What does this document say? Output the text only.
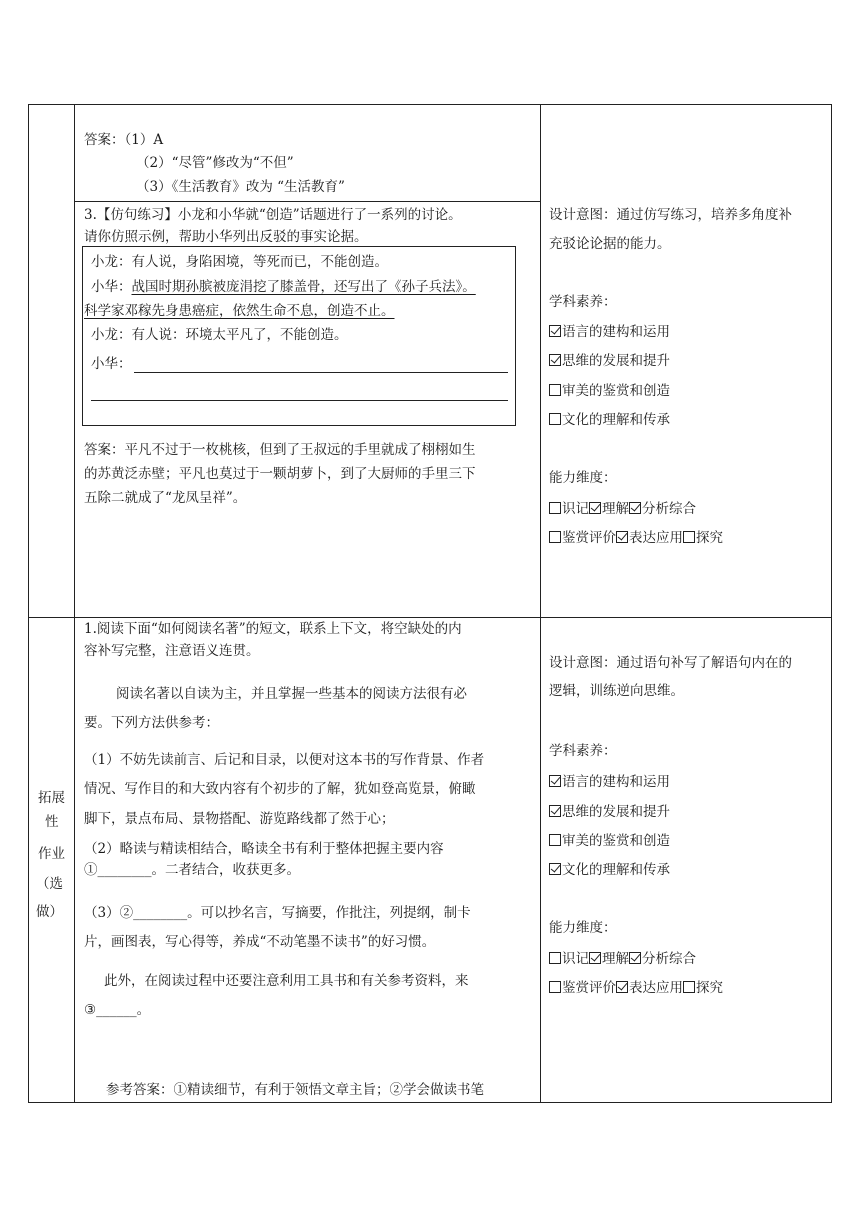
答案：（1）A
（2）“尽管”修改为“不但”
（3）《生活教育》改为 “生活教育”
3.【仿句练习】小龙和小华就“创造”话题进行了一系列的讨论。
请你仿照示例，帮助小华列出反驳的事实论据。
小龙：有人说，身陷困境，等死而已，不能创造。
小华：战国时期孙膑被庞涓挖了膝盖骨，还写出了《孙子兵法》。
科学家邓稼先身患癌症，依然生命不息，创造不止。
小龙：有人说：环境太平凡了，不能创造。
小华：
答案：平凡不过于一枚桃核，但到了王叔远的手里就成了栩栩如生
的苏黄泛赤壁；平凡也莫过于一颗胡萝卜，到了大厨师的手里三下
五除二就成了“龙凤呈祥”。
设计意图：通过仿写练习，培养多角度补
充驳论论据的能力。
学科素养：
语言的建构和运用
思维的发展和提升
审美的鉴赏和创造
文化的理解和传承
能力维度：
识记 理解 分析综合
鉴赏评价 表达应用 探究
拓展
性
作业
（选
做）
1.阅读下面“如何阅读名著”的短文，联系上下文，将空缺处的内
容补写完整，注意语义连贯。
阅读名著以自读为主，并且掌握一些基本的阅读方法很有必
要。下列方法供参考：
（1）不妨先读前言、后记和目录，以便对这本书的写作背景、作者
情况、写作目的和大致内容有个初步的了解，犹如登高览景，俯瞰
脚下，景点布局、景物搭配、游览路线都了然于心；
（2）略读与精读相结合，略读全书有利于整体把握主要内容
①________。二者结合，收获更多。
（3）②________。可以抄名言，写摘要，作批注，列提纲，制卡
片，画图表，写心得等，养成“不动笔墨不读书”的好习惯。
此外，在阅读过程中还要注意利用工具书和有关参考资料，来
③______。
参考答案：①精读细节，有利于领悟文章主旨；②学会做读书笔
设计意图：通过语句补写了解语句内在的
逻辑，训练逆向思维。
学科素养：
语言的建构和运用
思维的发展和提升
审美的鉴赏和创造
文化的理解和传承
能力维度：
识记 理解 分析综合
鉴赏评价 表达应用 探究
